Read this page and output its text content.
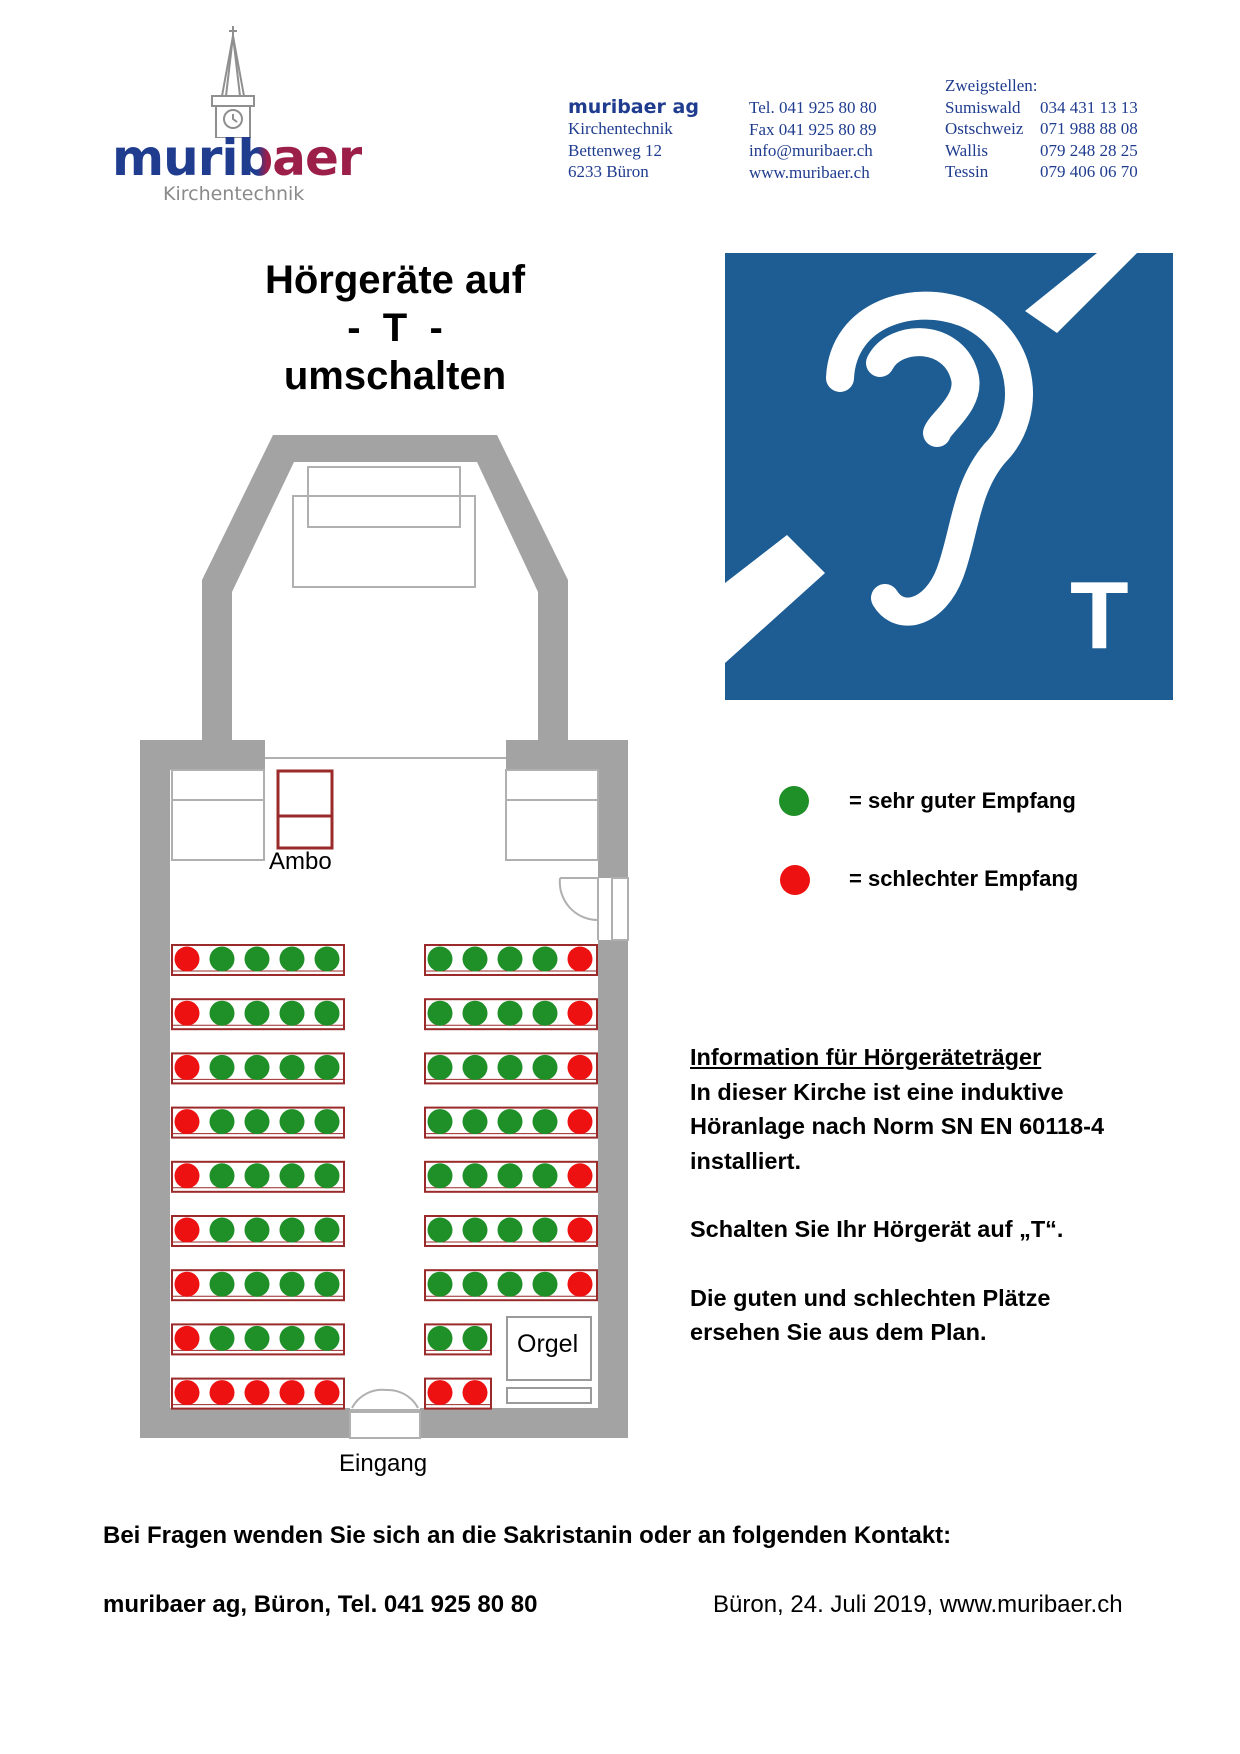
muribaer
Kirchentechnik
muribaer ag
Kirchentechnik
Bettenweg 12
6233 Büron
Tel. 041 925 80 80
Fax 041 925 80 89
info@muribaer.ch
www.muribaer.ch
Zweigstellen:
Sumiswald	034 431 13 13
Ostschweiz	071 988 88 08
Wallis	079 248 28 25
Tessin	079 406 06 70
Hörgeräte auf
-  T  -
umschalten
T
= sehr guter Empfang
= schlechter Empfang
Ambo
Orgel
Eingang
Information für Hörgeräteträger
In dieser Kirche ist eine induktive
Höranlage nach Norm SN EN 60118-4
installiert.
Schalten Sie Ihr Hörgerät auf „T“.
Die guten und schlechten Plätze
ersehen Sie aus dem Plan.
Bei Fragen wenden Sie sich an die Sakristanin oder an folgenden Kontakt:
muribaer ag, Büron, Tel. 041 925 80 80	Büron, 24. Juli 2019, www.muribaer.ch
